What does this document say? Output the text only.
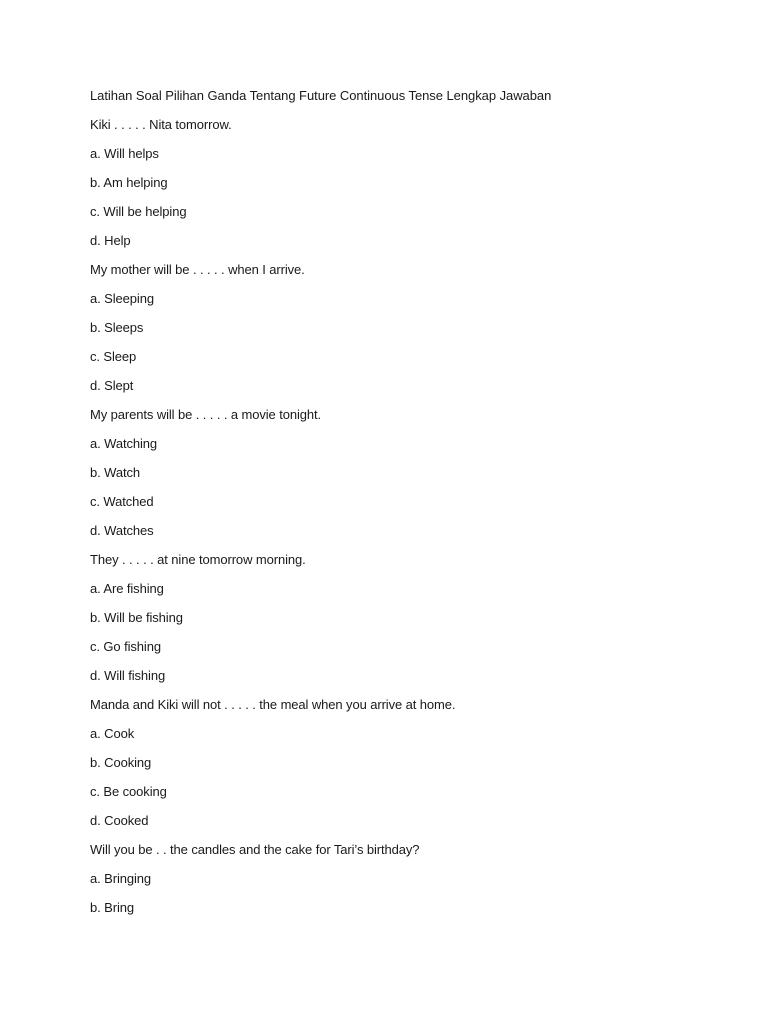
Latihan Soal Pilihan Ganda Tentang Future Continuous Tense Lengkap Jawaban
Kiki . . . . . Nita tomorrow.
a. Will helps
b. Am helping
c. Will be helping
d. Help
My mother will be . . . . . when I arrive.
a. Sleeping
b. Sleeps
c. Sleep
d. Slept
My parents will be . . . . . a movie tonight.
a. Watching
b. Watch
c. Watched
d. Watches
They . . . . . at nine tomorrow morning.
a. Are fishing
b. Will be fishing
c. Go fishing
d. Will fishing
Manda and Kiki will not . . . . . the meal when you arrive at home.
a. Cook
b. Cooking
c. Be cooking
d. Cooked
Will you be . . the candles and the cake for Tari’s birthday?
a. Bringing
b. Bring
